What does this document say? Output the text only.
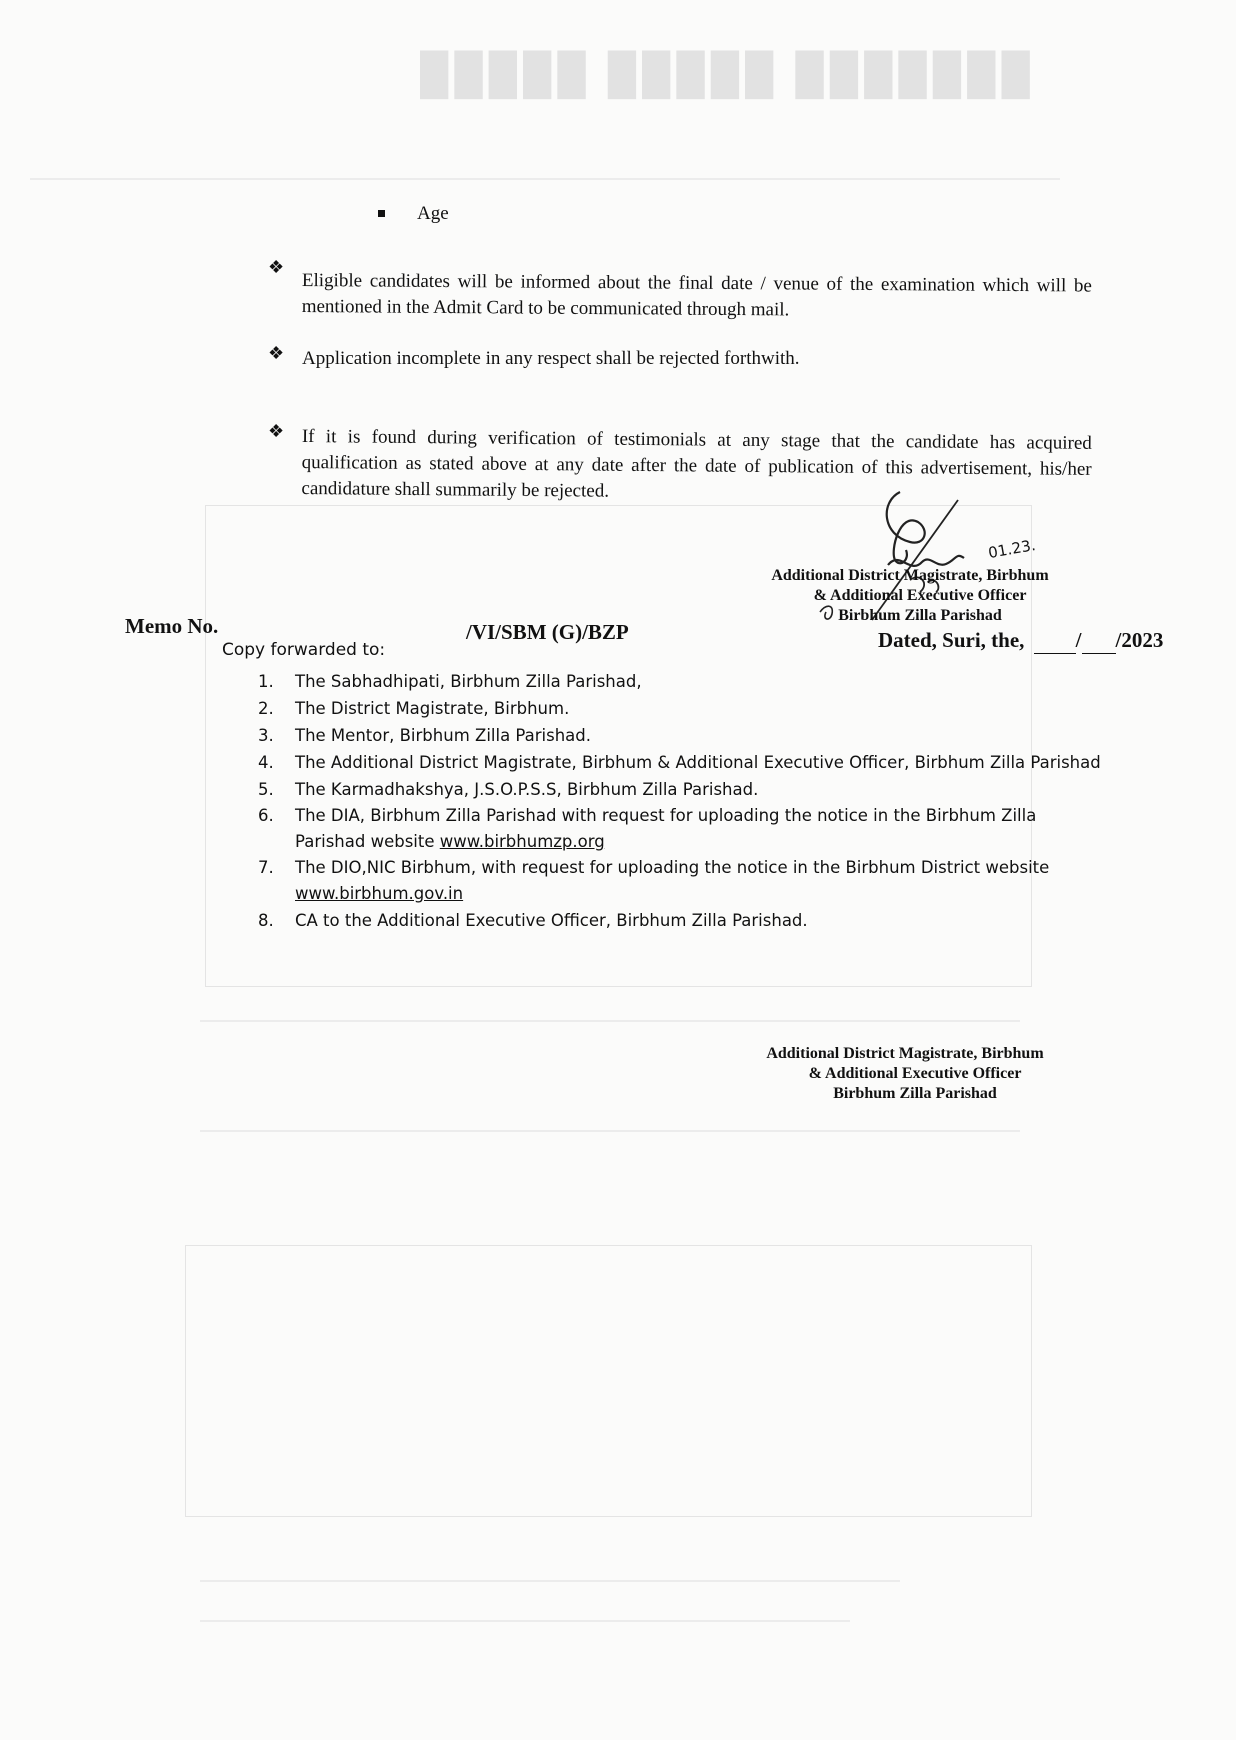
█████ █████ ███████
Age
❖
Eligible candidates will be informed about the final date / venue of the examination which will be mentioned in the Admit Card to be communicated through mail.
❖ Application incomplete in any respect shall be rejected forthwith.
❖ If it is found during verification of testimonials at any stage that the candidate has acquired qualification as stated above at any date after the date of publication of this advertisement, his/her candidature shall summarily be rejected.
01.23.
Additional District Magistrate, Birbhum
& Additional Executive Officer
Birbhum Zilla Parishad
Memo No.	/VI/SBM (G)/BZP	Dated, Suri, the, / /2023
Copy forwarded to:
1. The Sabhadhipati, Birbhum Zilla Parishad,
2. The District Magistrate, Birbhum.
3. The Mentor, Birbhum Zilla Parishad.
4. The Additional District Magistrate, Birbhum & Additional Executive Officer, Birbhum Zilla Parishad
5. The Karmadhakshya, J.S.O.P.S.S, Birbhum Zilla Parishad.
6. The DIA, Birbhum Zilla Parishad with request for uploading the notice in the Birbhum Zilla Parishad website www.birbhumzp.org
7. The DIO,NIC Birbhum, with request for uploading the notice in the Birbhum District website www.birbhum.gov.in
8. CA to the Additional Executive Officer, Birbhum Zilla Parishad.
Additional District Magistrate, Birbhum
& Additional Executive Officer
Birbhum Zilla Parishad
